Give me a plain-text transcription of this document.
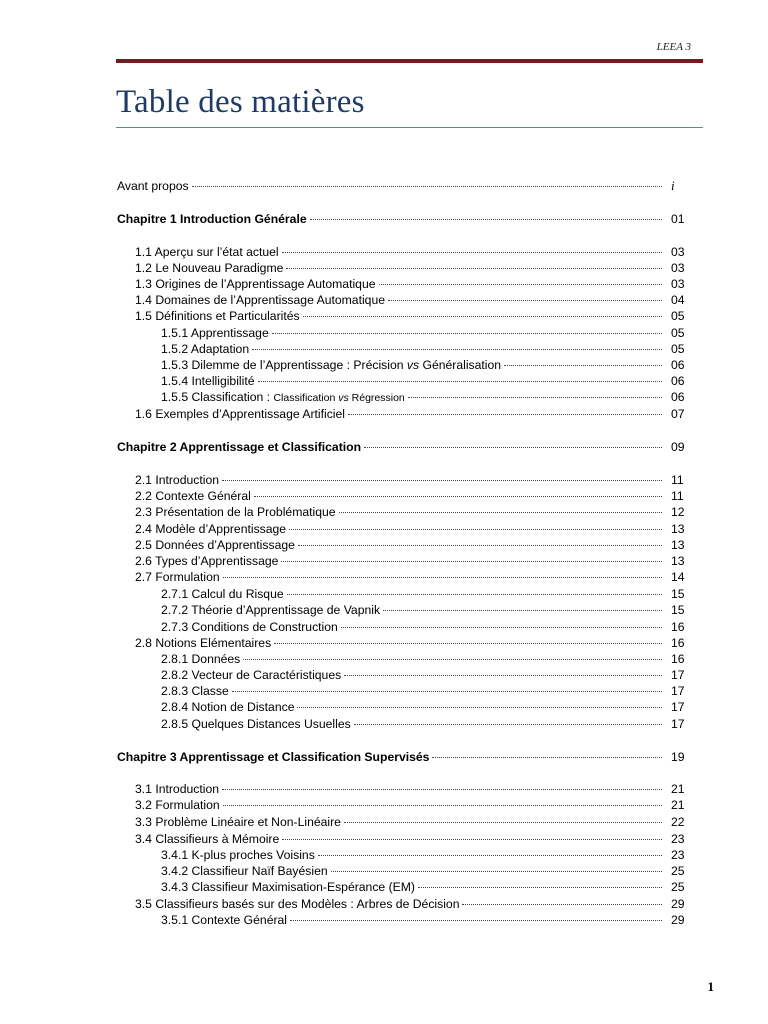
LEEA 3
Table des matières
Avant propos	i
Chapitre 1 Introduction Générale	01
1.1 Aperçu sur l’état actuel	03
1.2 Le Nouveau Paradigme	03
1.3 Origines de l’Apprentissage Automatique	03
1.4 Domaines de l’Apprentissage Automatique	04
1.5 Définitions et Particularités	05
1.5.1 Apprentissage	05
1.5.2 Adaptation	05
1.5.3 Dilemme de l’Apprentissage : Précision vs Généralisation	06
1.5.4 Intelligibilité	06
1.5.5 Classification : Classification vs Régression	06
1.6 Exemples d’Apprentissage Artificiel	07
Chapitre 2 Apprentissage et Classification	09
2.1 Introduction	11
2.2 Contexte Général	11
2.3 Présentation de la Problématique	12
2.4 Modèle d’Apprentissage	13
2.5 Données d’Apprentissage	13
2.6 Types d’Apprentissage	13
2.7 Formulation	14
2.7.1 Calcul du Risque	15
2.7.2 Théorie d’Apprentissage de Vapnik	15
2.7.3 Conditions de Construction	16
2.8 Notions Elémentaires	16
2.8.1 Données	16
2.8.2 Vecteur de Caractéristiques	17
2.8.3 Classe	17
2.8.4 Notion de Distance	17
2.8.5 Quelques Distances Usuelles	17
Chapitre 3 Apprentissage et Classification Supervisés	19
3.1 Introduction	21
3.2 Formulation	21
3.3 Problème Linéaire et Non-Linéaire	22
3.4 Classifieurs à Mémoire	23
3.4.1 K-plus proches Voisins	23
3.4.2 Classifieur Naïf Bayésien	25
3.4.3 Classifieur Maximisation-Espérance (EM)	25
3.5 Classifieurs basés sur des Modèles : Arbres de Décision	29
3.5.1 Contexte Général	29
1
